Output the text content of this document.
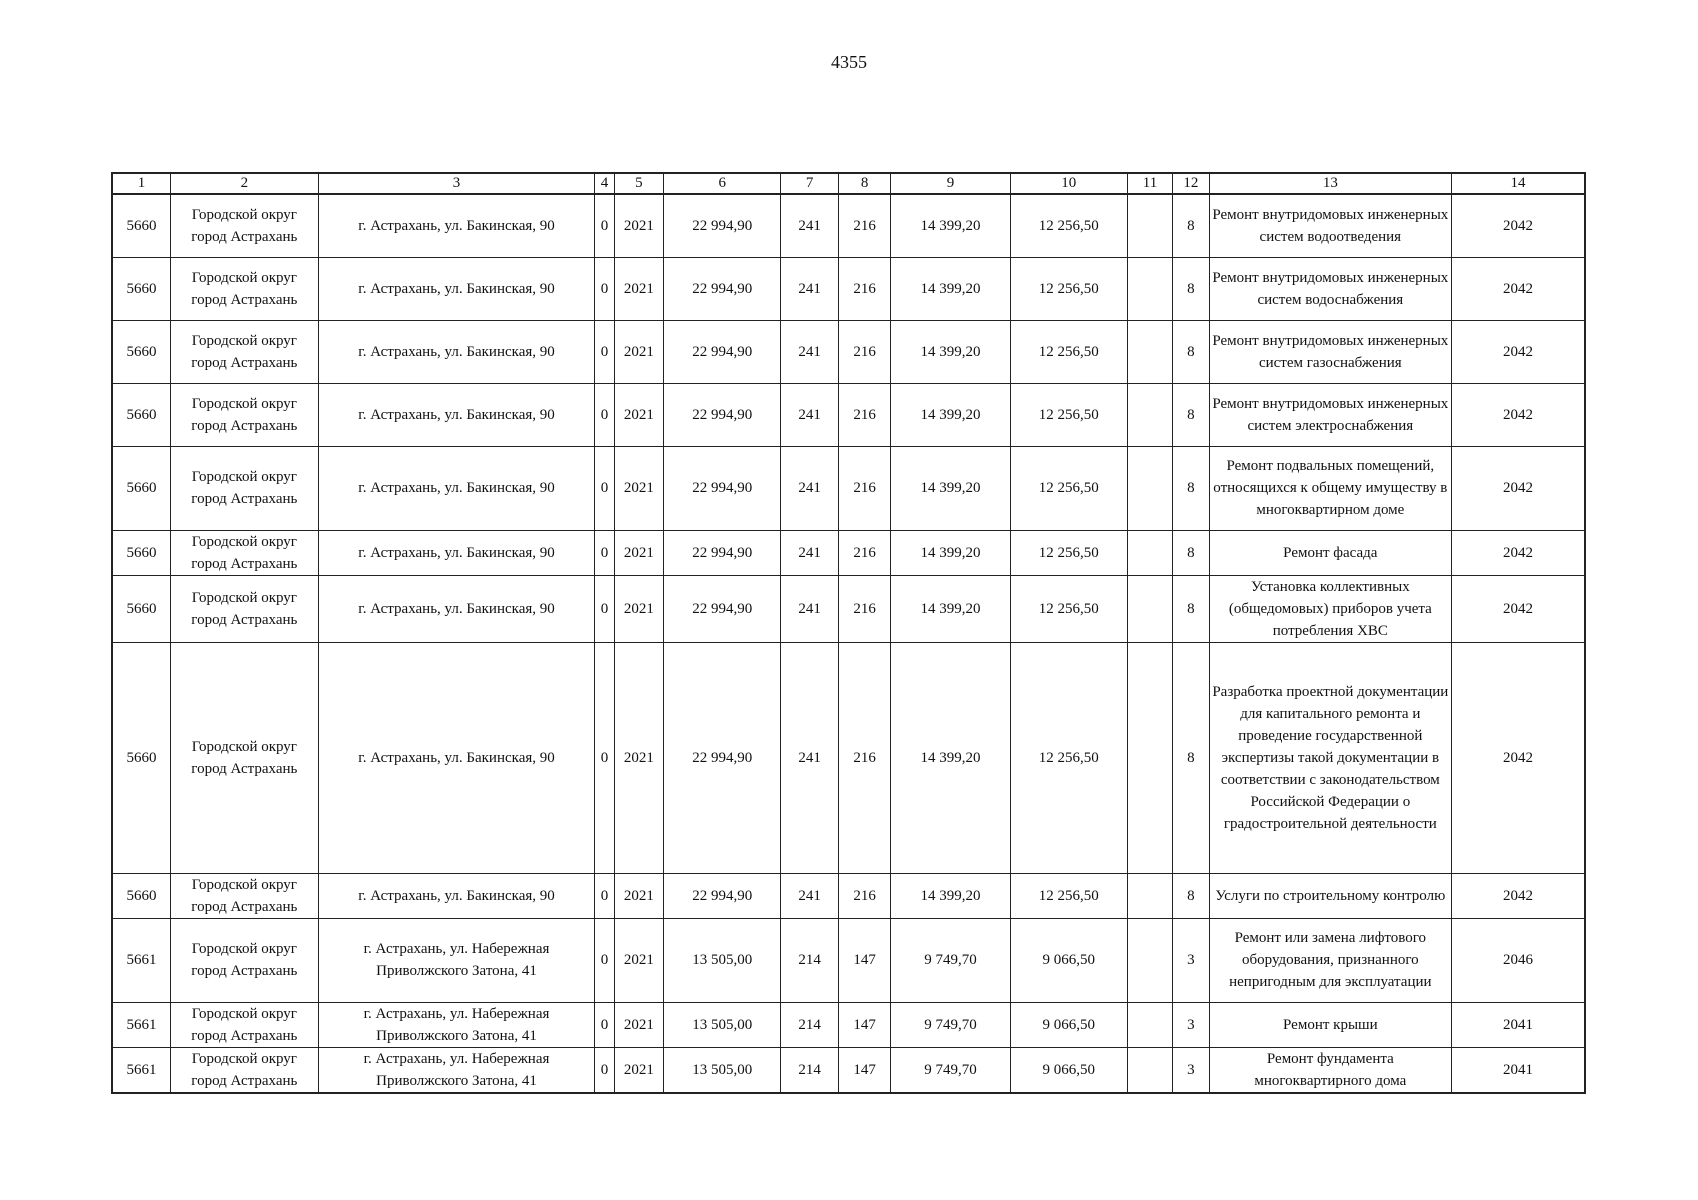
4355
1	2	3	4	5	6	7	8	9	10	11	12	13	14
5660	Городской округ город Астрахань	г. Астрахань, ул. Бакинская, 90	0	2021	22 994,90	241	216	14 399,20	12 256,50		8	Ремонт внутридомовых инженерных систем водоотведения	2042
5660	Городской округ город Астрахань	г. Астрахань, ул. Бакинская, 90	0	2021	22 994,90	241	216	14 399,20	12 256,50		8	Ремонт внутридомовых инженерных систем водоснабжения	2042
5660	Городской округ город Астрахань	г. Астрахань, ул. Бакинская, 90	0	2021	22 994,90	241	216	14 399,20	12 256,50		8	Ремонт внутридомовых инженерных систем газоснабжения	2042
5660	Городской округ город Астрахань	г. Астрахань, ул. Бакинская, 90	0	2021	22 994,90	241	216	14 399,20	12 256,50		8	Ремонт внутридомовых инженерных систем электроснабжения	2042
5660	Городской округ город Астрахань	г. Астрахань, ул. Бакинская, 90	0	2021	22 994,90	241	216	14 399,20	12 256,50		8	Ремонт подвальных помещений, относящихся к общему имуществу в многоквартирном доме	2042
5660	Городской округ город Астрахань	г. Астрахань, ул. Бакинская, 90	0	2021	22 994,90	241	216	14 399,20	12 256,50		8	Ремонт фасада	2042
5660	Городской округ город Астрахань	г. Астрахань, ул. Бакинская, 90	0	2021	22 994,90	241	216	14 399,20	12 256,50		8	Установка коллективных (общедомовых) приборов учета потребления ХВС	2042
5660	Городской округ город Астрахань	г. Астрахань, ул. Бакинская, 90	0	2021	22 994,90	241	216	14 399,20	12 256,50		8	Разработка проектной документации для капитального ремонта и проведение государственной экспертизы такой документации в соответствии с законодательством Российской Федерации о градостроительной деятельности	2042
5660	Городской округ город Астрахань	г. Астрахань, ул. Бакинская, 90	0	2021	22 994,90	241	216	14 399,20	12 256,50		8	Услуги по строительному контролю	2042
5661	Городской округ город Астрахань	г. Астрахань, ул. Набережная Приволжского Затона, 41	0	2021	13 505,00	214	147	9 749,70	9 066,50		3	Ремонт или замена лифтового оборудования, признанного непригодным для эксплуатации	2046
5661	Городской округ город Астрахань	г. Астрахань, ул. Набережная Приволжского Затона, 41	0	2021	13 505,00	214	147	9 749,70	9 066,50		3	Ремонт крыши	2041
5661	Городской округ город Астрахань	г. Астрахань, ул. Набережная Приволжского Затона, 41	0	2021	13 505,00	214	147	9 749,70	9 066,50		3	Ремонт фундамента многоквартирного дома	2041
